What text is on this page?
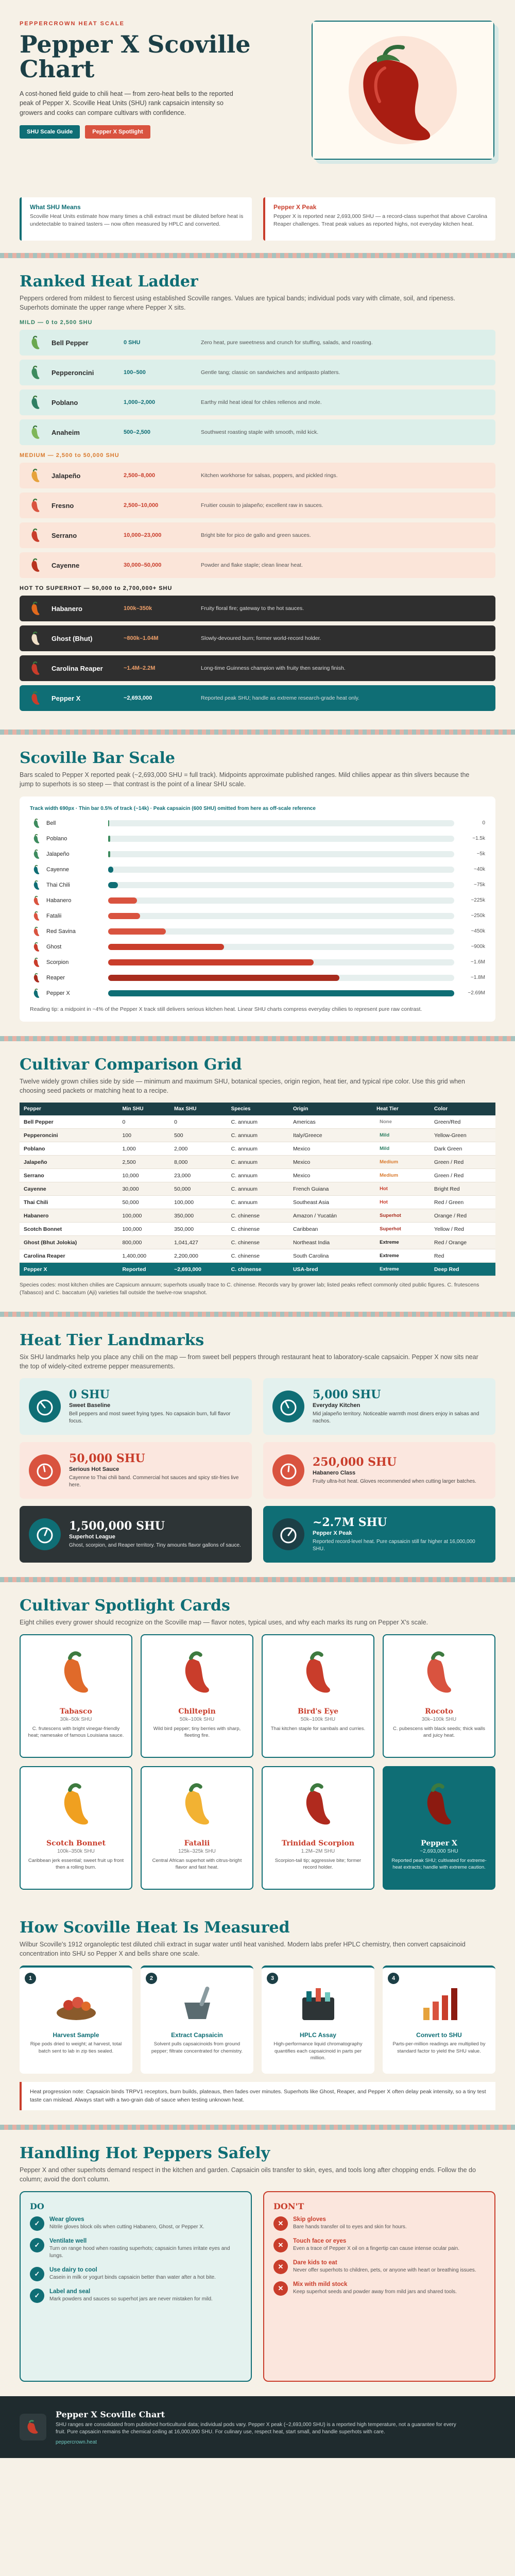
PEPPERCROWN HEAT SCALE
Pepper X Scoville Chart

A cost-honed field guide to chili heat — from zero-heat bells to the reported peak of Pepper X. Scoville Heat Units (SHU) rank capsaicin intensity so growers and cooks can compare cultivars with confidence.

SHU Scale Guide	Pepper X Spotlight
What SHU Means

Scoville Heat Units estimate how many times a chili extract must be diluted before heat is undetectable to trained tasters — now often measured by HPLC and converted.

Pepper X Peak

Pepper X is reported near 2,693,000 SHU — a record-class superhot that above Carolina Reaper challenges. Treat peak values as reported highs, not everyday kitchen heat.

Ranked Heat Ladder

Peppers ordered from mildest to fiercest using established Scoville ranges. Values are typical bands; individual pods vary with climate, soil, and ripeness. Superhots dominate the upper range where Pepper X sits.

MILD — 0 to 2,500 SHU
Bell Pepper	0 SHU	Zero heat, pure sweetness and crunch for stuffing, salads, and roasting.
Pepperoncini	100–500	Gentle tang; classic on sandwiches and antipasto platters.
Poblano	1,000–2,000	Earthy mild heat ideal for chiles rellenos and mole.
Anaheim	500–2,500	Southwest roasting staple with smooth, mild kick.
MEDIUM — 2,500 to 50,000 SHU
Jalapeño	2,500–8,000	Kitchen workhorse for salsas, poppers, and pickled rings.
Fresno	2,500–10,000	Fruitier cousin to jalapeño; excellent raw in sauces.
Serrano	10,000–23,000	Bright bite for pico de gallo and green sauces.
Cayenne	30,000–50,000	Powder and flake staple; clean linear heat.
HOT TO SUPERHOT — 50,000 to 2,700,000+ SHU
Habanero	100k–350k	Fruity floral fire; gateway to the hot sauces.
Ghost (Bhut)	~800k–1.04M	Slowly-devoured burn; former world-record holder.
Carolina Reaper	~1.4M–2.2M	Long-time Guinness champion with fruity then searing finish.
Pepper X	~2,693,000	Reported peak SHU; handle as extreme research-grade heat only.
Scoville Bar Scale

Bars scaled to Pepper X reported peak (~2,693,000 SHU = full track). Midpoints approximate published ranges. Mild chilies appear as thin slivers because the jump to superhots is so steep — that contrast is the point of a linear SHU scale.

Track width 690px · Thin bar 0.5% of track (~14k) · Peak capsaicin (600 SHU) omitted from here as off-scale reference
Bell	0
Poblano	~1.5k
Jalapeño	~5k
Cayenne	~40k
Thai Chili	~75k
Habanero	~225k
Fatalii	~250k
Red Savina	~450k
Ghost	~900k
Scorpion	~1.6M
Reaper	~1.8M
Pepper X	~2.69M

Reading tip: a midpoint in ~4% of the Pepper X track still delivers serious kitchen heat. Linear SHU charts compress everyday chilies to represent pure raw contrast.

Cultivar Comparison Grid

Twelve widely grown chilies side by side — minimum and maximum SHU, botanical species, origin region, heat tier, and typical ripe color. Use this grid when choosing seed packets or matching heat to a recipe.

Pepper	Min SHU	Max SHU	Species	Origin	Heat Tier	Color
Bell Pepper	0	0	C. annuum	Americas	None	Green/Red
Pepperoncini	100	500	C. annuum	Italy/Greece	Mild	Yellow-Green
Poblano	1,000	2,000	C. annuum	Mexico	Mild	Dark Green
Jalapeño	2,500	8,000	C. annuum	Mexico	Medium	Green / Red
Serrano	10,000	23,000	C. annuum	Mexico	Medium	Green / Red
Cayenne	30,000	50,000	C. annuum	French Guiana	Hot	Bright Red
Thai Chili	50,000	100,000	C. annuum	Southeast Asia	Hot	Red / Green
Habanero	100,000	350,000	C. chinense	Amazon / Yucatán	Superhot	Orange / Red
Scotch Bonnet	100,000	350,000	C. chinense	Caribbean	Superhot	Yellow / Red
Ghost (Bhut Jolokia)	800,000	1,041,427	C. chinense	Northeast India	Extreme	Red / Orange
Carolina Reaper	1,400,000	2,200,000	C. chinense	South Carolina	Extreme	Red
Pepper X	Reported	~2,693,000	C. chinense	USA-bred	Extreme	Deep Red

Species codes: most kitchen chilies are Capsicum annuum; superhots usually trace to C. chinense. Records vary by grower lab; listed peaks reflect commonly cited public figures. C. frutescens (Tabasco) and C. baccatum (Aji) varieties fall outside the twelve-row snapshot.

Heat Tier Landmarks

Six SHU landmarks help you place any chili on the map — from sweet bell peppers through restaurant heat to laboratory-scale capsaicin. Pepper X now sits near the top of widely-cited extreme pepper measurements.

0 SHU
Sweet Baseline
Bell peppers and most sweet frying types. No capsaicin burn, full flavor focus.
5,000 SHU
Everyday Kitchen
Mid jalapeño territory. Noticeable warmth most diners enjoy in salsas and nachos.
50,000 SHU
Serious Hot Sauce
Cayenne to Thai chili band. Commercial hot sauces and spicy stir-fries live here.
250,000 SHU
Habanero Class
Fruity ultra-hot heat. Gloves recommended when cutting larger batches.
1,500,000 SHU
Superhot League
Ghost, scorpion, and Reaper territory. Tiny amounts flavor gallons of sauce.
~2.7M SHU
Pepper X Peak
Reported record-level heat. Pure capsaicin still far higher at 16,000,000 SHU.
Cultivar Spotlight Cards

Eight chilies every grower should recognize on the Scoville map — flavor notes, typical uses, and why each marks its rung on Pepper X's scale.

Tabasco
30k–50k SHU

C. frutescens with bright vinegar-friendly heat; namesake of famous Louisiana sauce.

Chiltepin
50k–100k SHU

Wild bird pepper; tiny berries with sharp, fleeting fire.

Bird's Eye
50k–100k SHU

Thai kitchen staple for sambals and curries.

Rocoto
30k–100k SHU

C. pubescens with black seeds; thick walls and juicy heat.

Scotch Bonnet
100k–350k SHU

Caribbean jerk essential; sweet fruit up front then a rolling burn.

Fatalii
125k–325k SHU

Central African superhot with citrus-bright flavor and fast heat.

Trinidad Scorpion
1.2M–2M SHU

Scorpion-tail tip; aggressive bite; former record holder.

Pepper X
~2,693,000 SHU

Reported peak SHU; cultivated for extreme-heat extracts; handle with extreme caution.

How Scoville Heat Is Measured

Wilbur Scoville's 1912 organoleptic test diluted chili extract in sugar water until heat vanished. Modern labs prefer HPLC chemistry, then convert capsaicinoid concentration into SHU so Pepper X and bells share one scale.

1
Harvest Sample

Ripe pods dried to weight; at harvest, total batch sent to lab in zip ties sealed.

2
Extract Capsaicin

Solvent pulls capsaicinoids from ground pepper; filtrate concentrated for chemistry.

3
HPLC Assay

High-performance liquid chromatography quantifies each capsaicinoid in parts per million.

4
Convert to SHU

Parts-per-million readings are multiplied by standard factor to yield the SHU value.

Heat progression note: Capsaicin binds TRPV1 receptors, burn builds, plateaus, then fades over minutes. Superhots like Ghost, Reaper, and Pepper X often delay peak intensity, so a tiny test taste can mislead. Always start with a two-grain dab of sauce when testing unknown heat.
Handling Hot Peppers Safely

Pepper X and other superhots demand respect in the kitchen and garden. Capsaicin oils transfer to skin, eyes, and tools long after chopping ends. Follow the do column; avoid the don't column.

DO
✓	Wear gloves

Nitrile gloves block oils when cutting Habanero, Ghost, or Pepper X.

✓	Ventilate well

Turn on range hood when roasting superhots; capsaicin fumes irritate eyes and lungs.

✓	Use dairy to cool

Casein in milk or yogurt binds capsaicin better than water after a hot bite.

✓	Label and seal

Mark powders and sauces so superhot jars are never mistaken for mild.

DON'T
✕	Skip gloves

Bare hands transfer oil to eyes and skin for hours.

✕	Touch face or eyes

Even a trace of Pepper X oil on a fingertip can cause intense ocular pain.

✕	Dare kids to eat

Never offer superhots to children, pets, or anyone with heart or breathing issues.

✕	Mix with mild stock

Keep superhot seeds and powder away from mild jars and shared tools.

Pepper X Scoville Chart

SHU ranges are consolidated from published horticultural data; individual pods vary. Pepper X peak (~2,693,000 SHU) is a reported high temperature, not a guarantee for every fruit. Pure capsaicin remains the chemical ceiling at 16,000,000 SHU. For culinary use, respect heat, start small, and handle superhots with care.

peppercrown.heat
